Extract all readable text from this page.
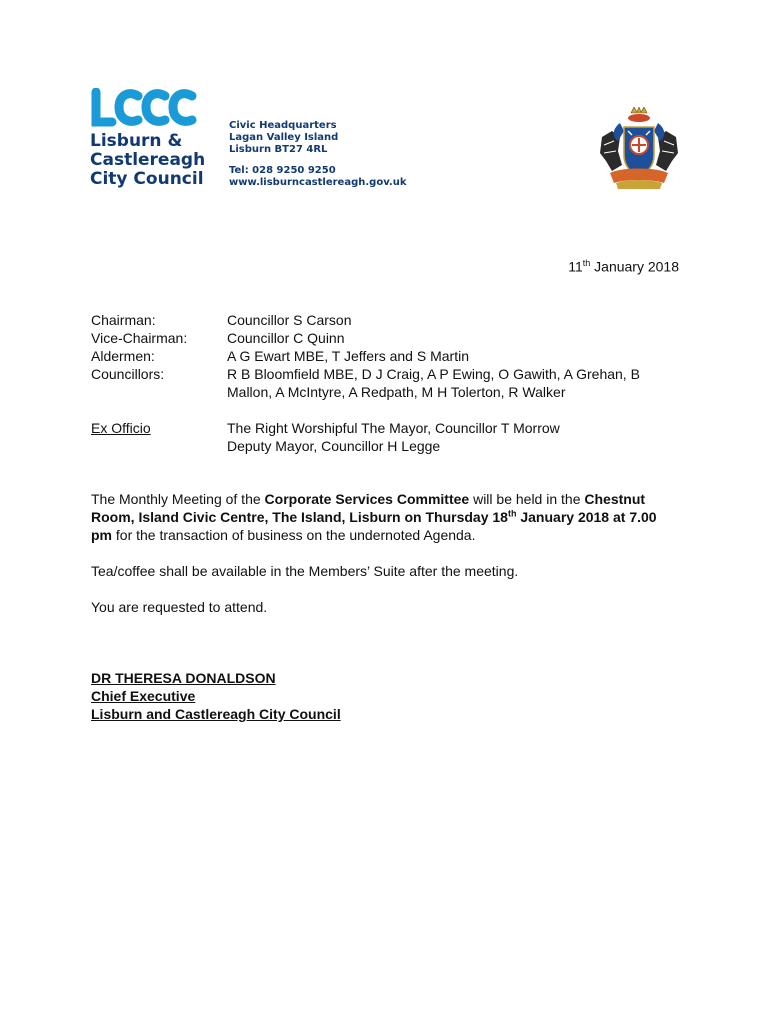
Lisburn &
Castlereagh
City Council
Civic Headquarters
Lagan Valley Island
Lisburn BT27 4RL
Tel: 028 9250 9250
www.lisburncastlereagh.gov.uk
11th January 2018
Chairman:	Councillor S Carson
Vice-Chairman:	Councillor C Quinn
Aldermen:	A G Ewart MBE, T Jeffers and S Martin
Councillors:	R B Bloomfield MBE, D J Craig, A P Ewing, O Gawith, A Grehan, B Mallon, A McIntyre, A Redpath, M H Tolerton, R Walker
Ex Officio	The Right Worshipful The Mayor, Councillor T Morrow
Deputy Mayor, Councillor H Legge
The Monthly Meeting of the Corporate Services Committee will be held in the Chestnut Room, Island Civic Centre, The Island, Lisburn on Thursday 18th January 2018 at 7.00 pm for the transaction of business on the undernoted Agenda.
Tea/coffee shall be available in the Members’ Suite after the meeting.
You are requested to attend.
DR THERESA DONALDSON
Chief Executive
Lisburn and Castlereagh City Council
